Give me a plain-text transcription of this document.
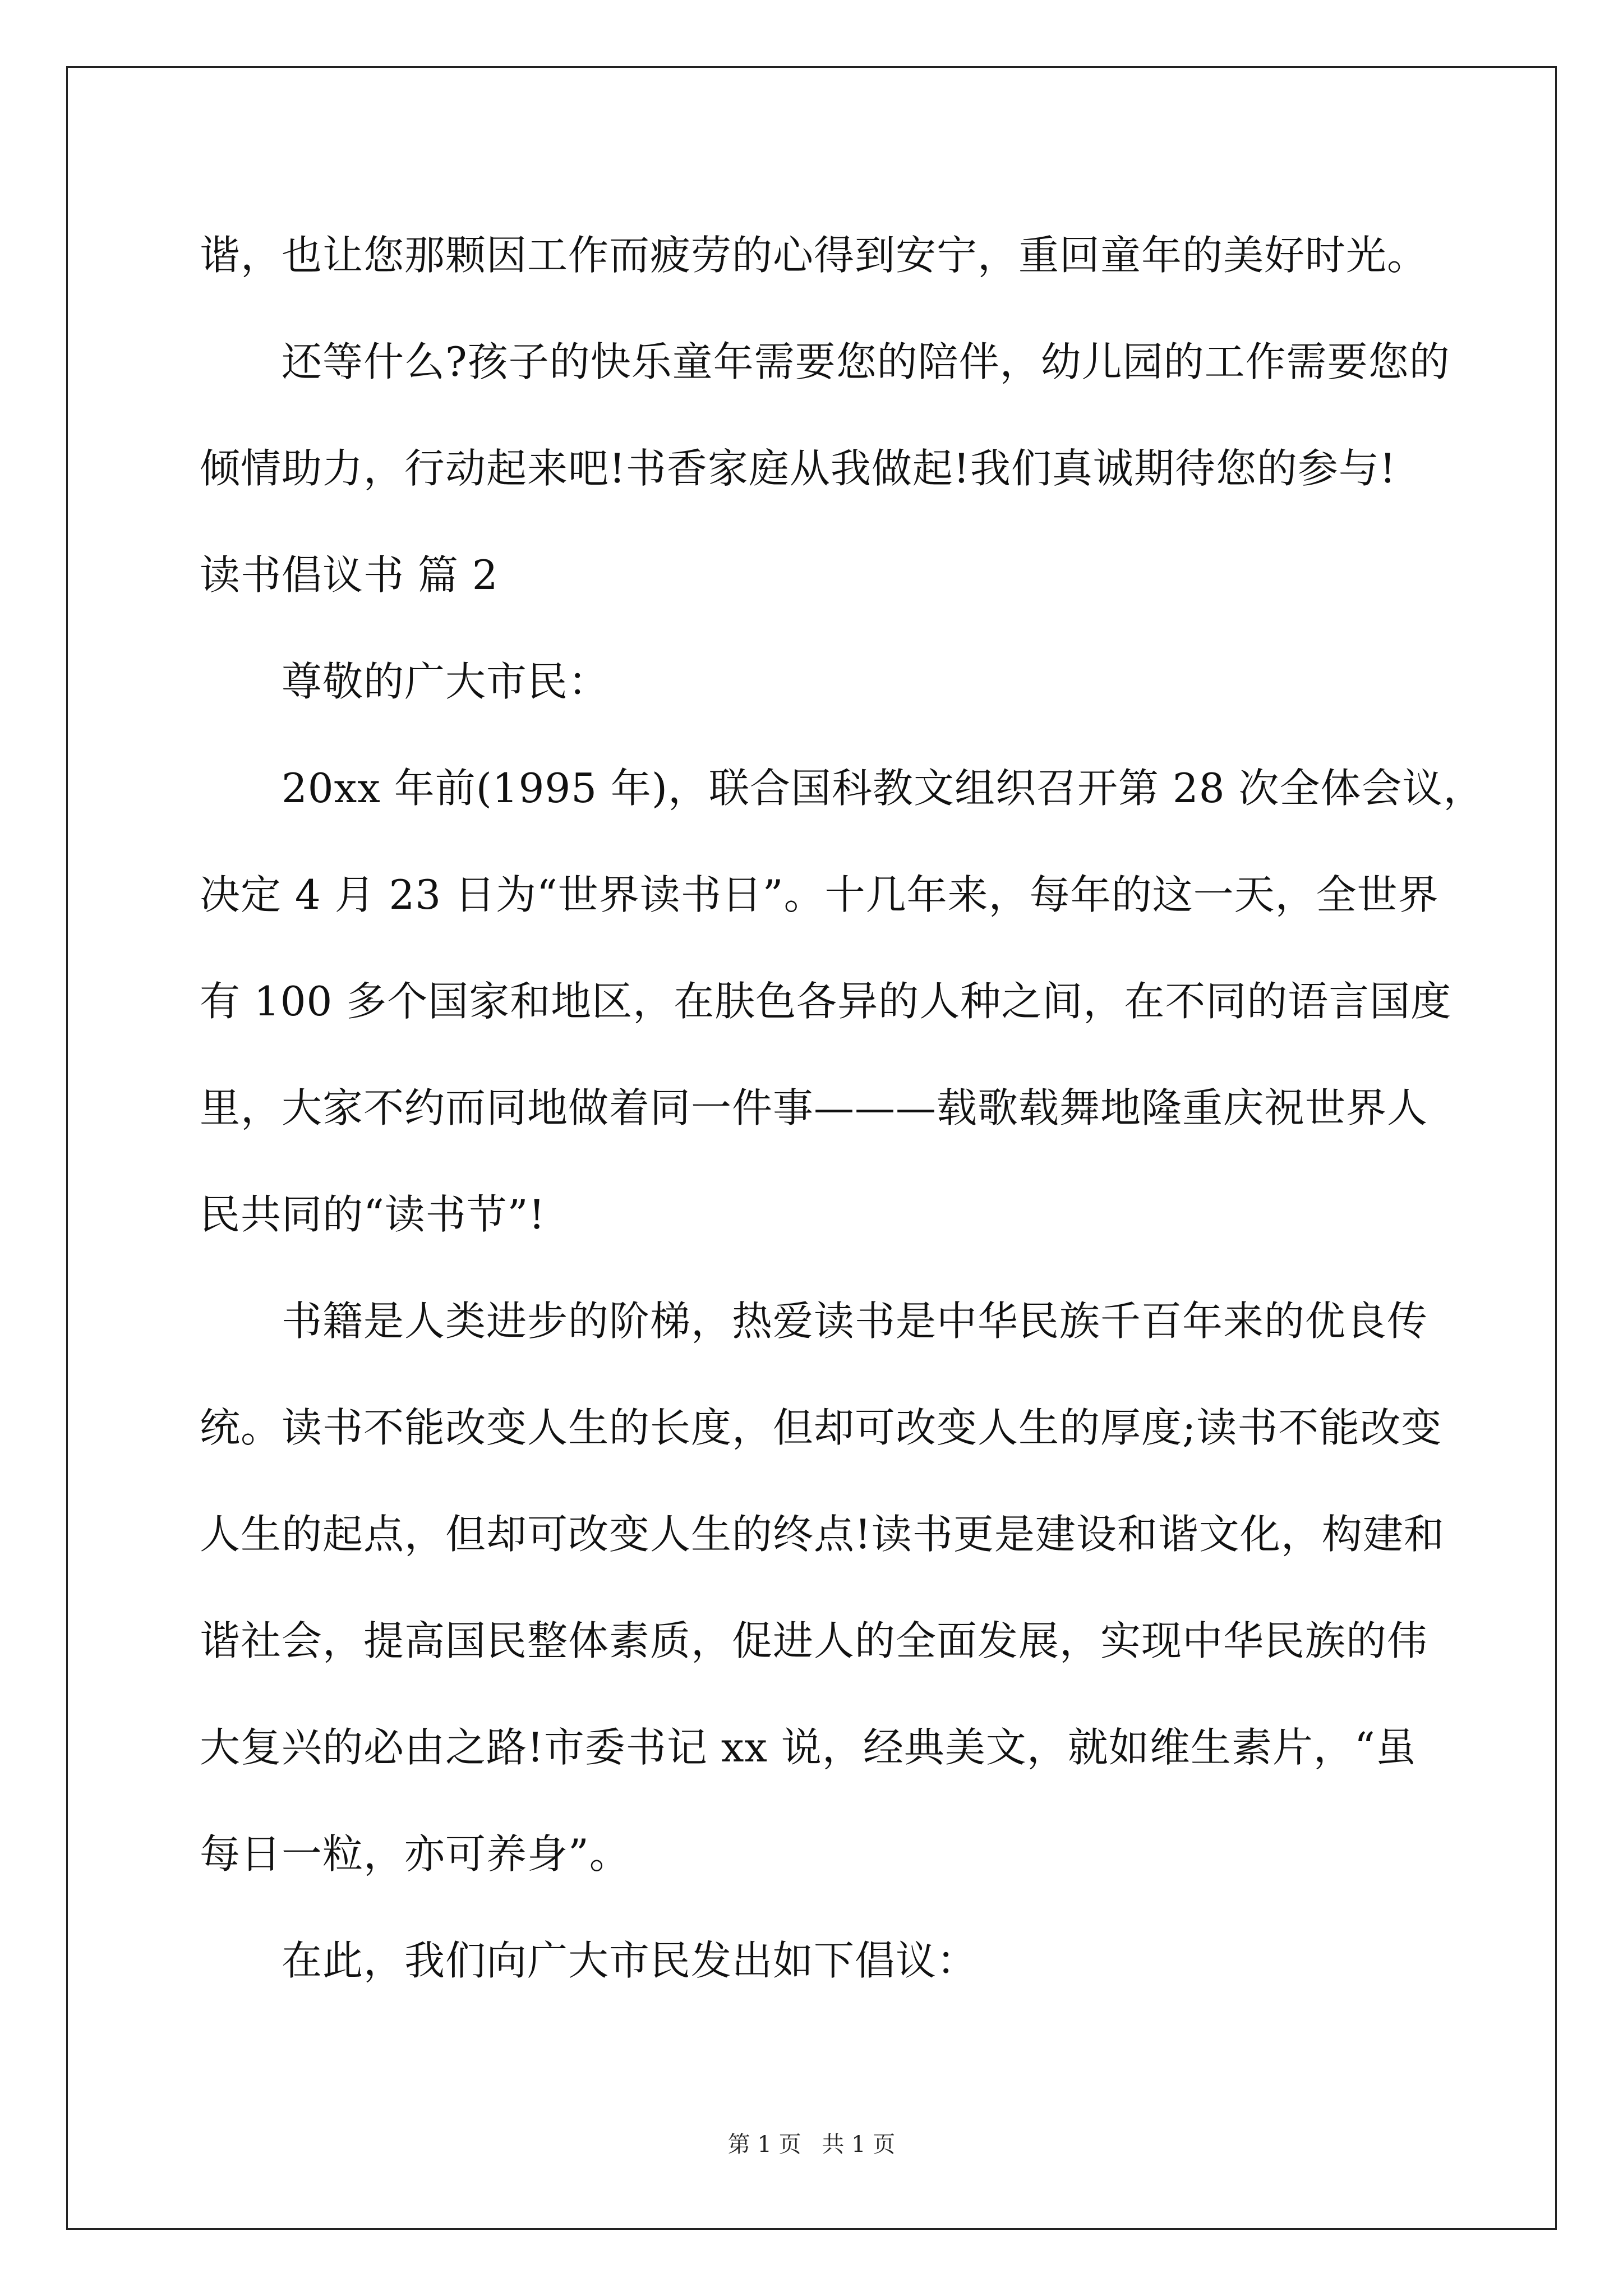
谐，也让您那颗因工作而疲劳的心得到安宁，重回童年的美好时光。
还等什么?孩子的快乐童年需要您的陪伴，幼儿园的工作需要您的
倾情助力，行动起来吧!书香家庭从我做起!我们真诚期待您的参与!
读书倡议书 篇 2
尊敬的广大市民：
20xx 年前(1995 年)，联合国科教文组织召开第 28 次全体会议，
决定 4 月 23 日为“世界读书日”。十几年来，每年的这一天，全世界
有 100 多个国家和地区，在肤色各异的人种之间，在不同的语言国度
里，大家不约而同地做着同一件事———载歌载舞地隆重庆祝世界人
民共同的“读书节”!
书籍是人类进步的阶梯，热爱读书是中华民族千百年来的优良传
统。读书不能改变人生的长度，但却可改变人生的厚度;读书不能改变
人生的起点，但却可改变人生的终点!读书更是建设和谐文化，构建和
谐社会，提高国民整体素质，促进人的全面发展，实现中华民族的伟
大复兴的必由之路!市委书记 xx 说，经典美文，就如维生素片，“虽
每日一粒，亦可养身”。
在此，我们向广大市民发出如下倡议：
第 1 页 共 1 页
